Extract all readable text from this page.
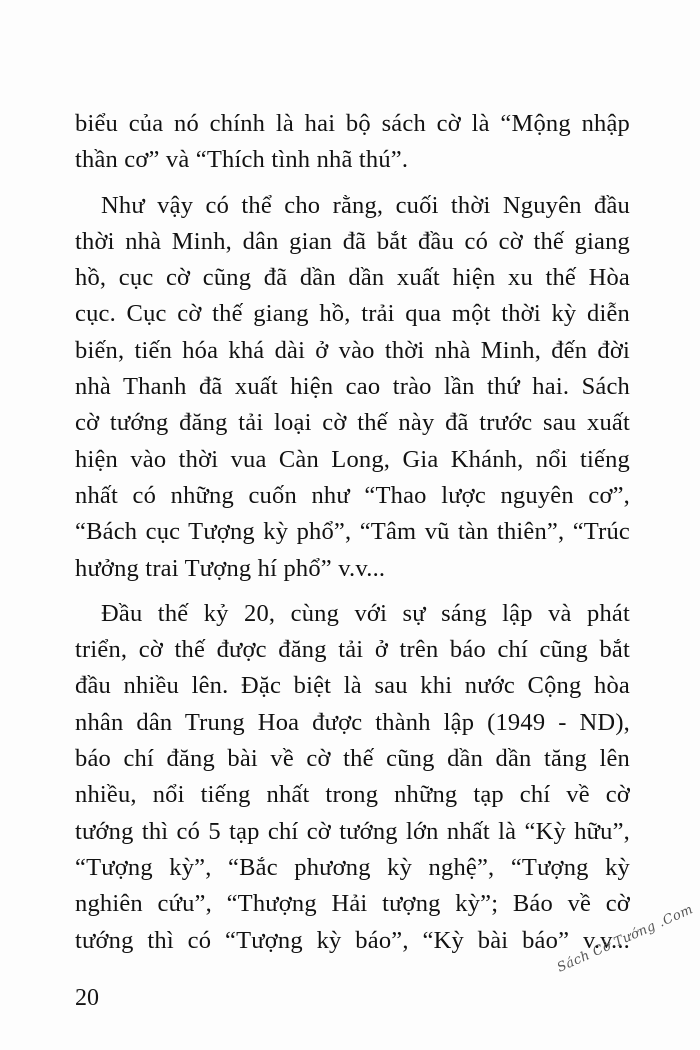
biểu của nó chính là hai bộ sách cờ là “Mộng nhập
thần cơ” và “Thích tình nhã thú”.
Như vậy có thể cho rằng, cuối thời Nguyên đầu
thời nhà Minh, dân gian đã bắt đầu có cờ thế giang
hồ, cục cờ cũng đã dần dần xuất hiện xu thế Hòa
cục. Cục cờ thế giang hồ, trải qua một thời kỳ diễn
biến, tiến hóa khá dài ở vào thời nhà Minh, đến đời
nhà Thanh đã xuất hiện cao trào lần thứ hai. Sách
cờ tướng đăng tải loại cờ thế này đã trước sau xuất
hiện vào thời vua Càn Long, Gia Khánh, nổi tiếng
nhất có những cuốn như “Thao lược nguyên cơ”,
“Bách cục Tượng kỳ phổ”, “Tâm vũ tàn thiên”, “Trúc
hưởng trai Tượng hí phổ” v.v...
Đầu thế kỷ 20, cùng với sự sáng lập và phát
triển, cờ thế được đăng tải ở trên báo chí cũng bắt
đầu nhiều lên. Đặc biệt là sau khi nước Cộng hòa
nhân dân Trung Hoa được thành lập (1949 - ND),
báo chí đăng bài về cờ thế cũng dần dần tăng lên
nhiều, nổi tiếng nhất trong những tạp chí về cờ
tướng thì có 5 tạp chí cờ tướng lớn nhất là “Kỳ hữu”,
“Tượng kỳ”, “Bắc phương kỳ nghệ”, “Tượng kỳ
nghiên cứu”, “Thượng Hải tượng kỳ”; Báo về cờ
tướng thì có “Tượng kỳ báo”, “Kỳ bài báo” v.v...
20
Sách Cờ Tướng .Com
